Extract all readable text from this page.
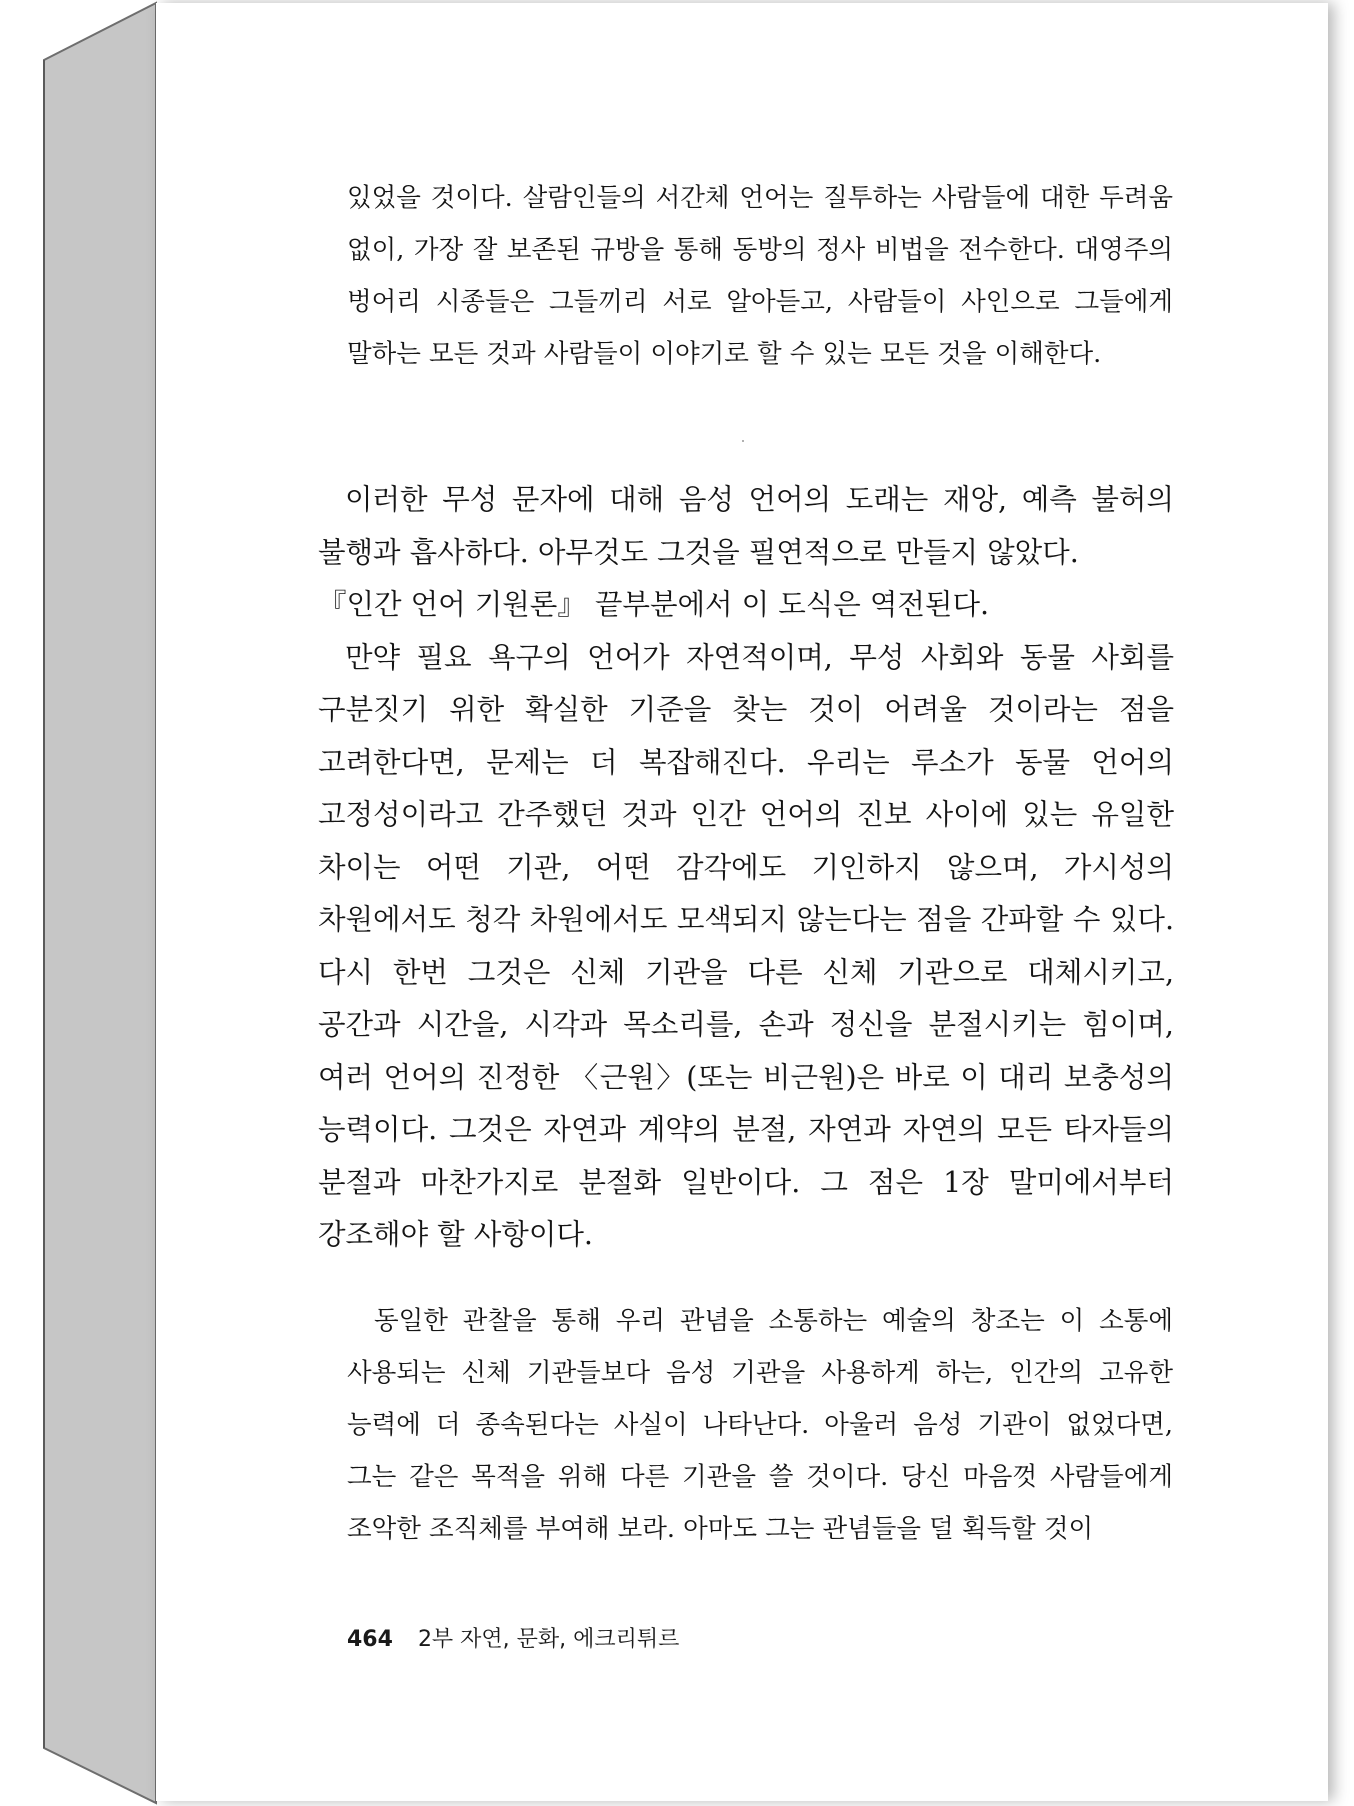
있었을 것이다. 살람인들의 서간체 언어는 질투하는 사람들에 대한 두려움 없이, 가장 잘 보존된 규방을 통해 동방의 정사 비법을 전수한다. 대영주의 벙어리 시종들은 그들끼리 서로 알아듣고, 사람들이 사인으로 그들에게 말하는 모든 것과 사람들이 이야기로 할 수 있는 모든 것을 이해한다.

이러한 무성 문자에 대해 음성 언어의 도래는 재앙, 예측 불허의 불행과 흡사하다. 아무것도 그것을 필연적으로 만들지 않았다.

『인간 언어 기원론』 끝부분에서 이 도식은 역전된다.

만약 필요 욕구의 언어가 자연적이며, 무성 사회와 동물 사회를 구분짓기 위한 확실한 기준을 찾는 것이 어려울 것이라는 점을 고려한다면, 문제는 더 복잡해진다. 우리는 루소가 동물 언어의 고정성이라고 간주했던 것과 인간 언어의 진보 사이에 있는 유일한 차이는 어떤 기관, 어떤 감각에도 기인하지 않으며, 가시성의 차원에서도 청각 차원에서도 모색되지 않는다는 점을 간파할 수 있다. 다시 한번 그것은 신체 기관을 다른 신체 기관으로 대체시키고, 공간과 시간을, 시각과 목소리를, 손과 정신을 분절시키는 힘이며, 여러 언어의 진정한 〈근원〉(또는 비근원)은 바로 이 대리 보충성의 능력이다. 그것은 자연과 계약의 분절, 자연과 자연의 모든 타자들의 분절과 마찬가지로 분절화 일반이다. 그 점은 1장 말미에서부터 강조해야 할 사항이다.

동일한 관찰을 통해 우리 관념을 소통하는 예술의 창조는 이 소통에 사용되는 신체 기관들보다 음성 기관을 사용하게 하는, 인간의 고유한 능력에 더 종속된다는 사실이 나타난다. 아울러 음성 기관이 없었다면, 그는 같은 목적을 위해 다른 기관을 쓸 것이다. 당신 마음껏 사람들에게 조악한 조직체를 부여해 보라. 아마도 그는 관념들을 덜 획득할 것이

464 2부 자연, 문화, 에크리튀르
